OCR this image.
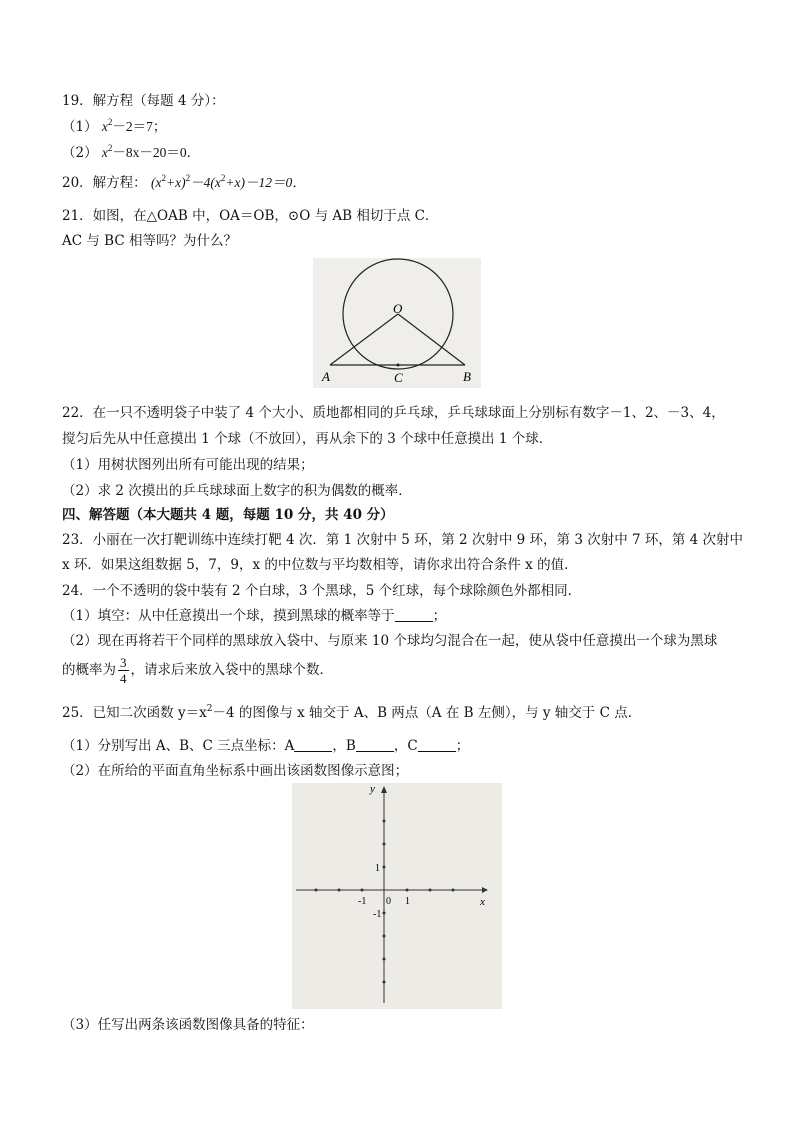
19．解方程（每题 4 分）：
（1） $x^2-2=7$；
（2） $x^2-8x-20=0$．
20．解方程： $(x^2+x)^2-4(x^2+x)-12=0$．
21．如图，在△OAB 中，OA＝OB，⊙O 与 AB 相切于点 C．
AC 与 BC 相等吗？为什么？
O
A	C	B
22．在一只不透明袋子中装了 4 个大小、质地都相同的乒乓球，乒乓球球面上分别标有数字－1、2、－3、4，
搅匀后先从中任意摸出 1 个球（不放回），再从余下的 3 个球中任意摸出 1 个球．
（1）用树状图列出所有可能出现的结果；
（2）求 2 次摸出的乒乓球球面上数字的积为偶数的概率．
四、解答题（本大题共 4 题，每题 10 分，共 40 分）
23．小丽在一次打靶训练中连续打靶 4 次．第 1 次射中 5 环，第 2 次射中 9 环，第 3 次射中 7 环，第 4 次射中
x 环．如果这组数据 5，7，9，x 的中位数与平均数相等，请你求出符合条件 x 的值．
24．一个不透明的袋中装有 2 个白球，3 个黑球，5 个红球，每个球除颜色外都相同．
（1）填空：从中任意摸出一个球，摸到黑球的概率等于	；
（2）现在再将若干个同样的黑球放入袋中、与原来 10 个球均匀混合在一起，使从袋中任意摸出一个球为黑球
的概率为 $\frac{3}{4}$ ，请求后来放入袋中的黑球个数．
25．已知二次函数 $y=x^2-4$ 的图像与 x 轴交于 A、B 两点（A 在 B 左侧），与 y 轴交于 C 点．
（1）分别写出 A、B、C 三点坐标：A	，B	，C	；
（2）在所给的平面直角坐标系中画出该函数图像示意图；
y
x
0 1
-1
1
-1
（3）任写出两条该函数图像具备的特征：
